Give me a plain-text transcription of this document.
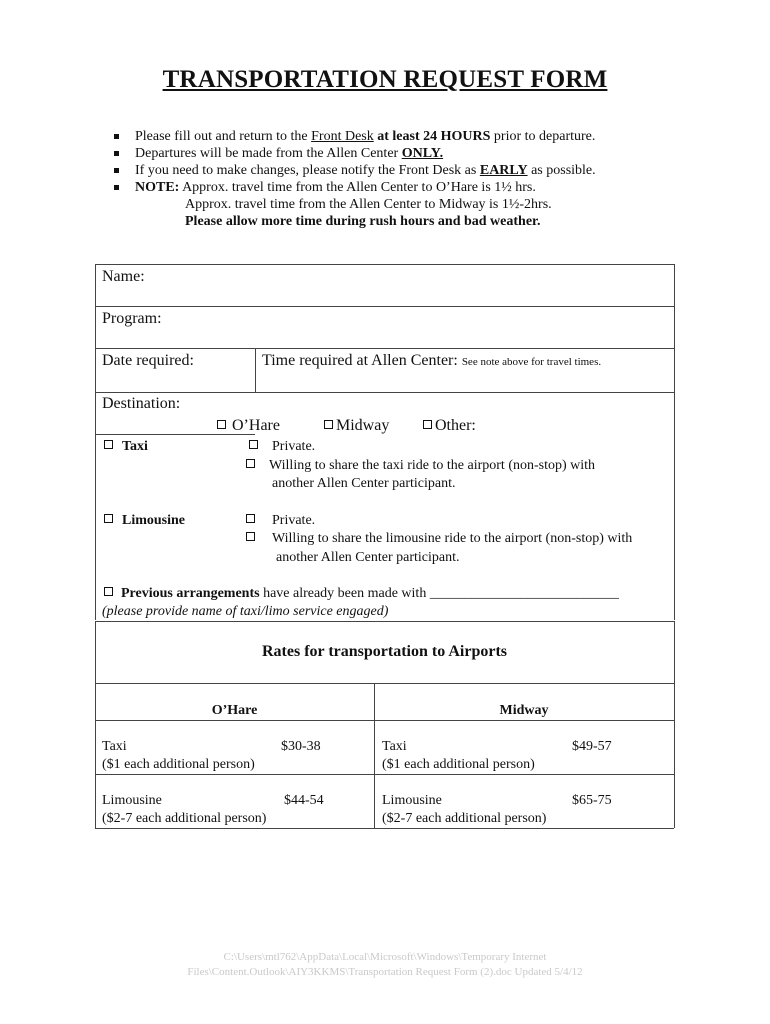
TRANSPORTATION REQUEST FORM
Please fill out and return to the Front Desk at least 24 HOURS prior to departure.
Departures will be made from the Allen Center ONLY.
If you need to make changes, please notify the Front Desk as EARLY as possible.
NOTE: Approx. travel time from the Allen Center to O’Hare is 1½ hrs.
Approx. travel time from the Allen Center to Midway is 1½-2hrs.
Please allow more time during rush hours and bad weather.
Name:
Program:
Date required:	Time required at Allen Center: See note above for travel times.
Destination:
O’Hare	Midway	Other:
Taxi	Private.
Willing to share the taxi ride to the airport (non-stop) with
another Allen Center participant.
Limousine	Private.
Willing to share the limousine ride to the airport (non-stop) with
another Allen Center participant.
Previous arrangements have already been made with ___________________________
(please provide name of taxi/limo service engaged)
Rates for transportation to Airports
O’Hare	Midway
Taxi	$30-38
($1 each additional person)
Taxi	$49-57
($1 each additional person)
Limousine	$44-54
($2-7 each additional person)
Limousine	$65-75
($2-7 each additional person)
C:\Users\mtl762\AppData\Local\Microsoft\Windows\Temporary Internet
Files\Content.Outlook\AIY3KKMS\Transportation Request Form (2).doc Updated 5/4/12
